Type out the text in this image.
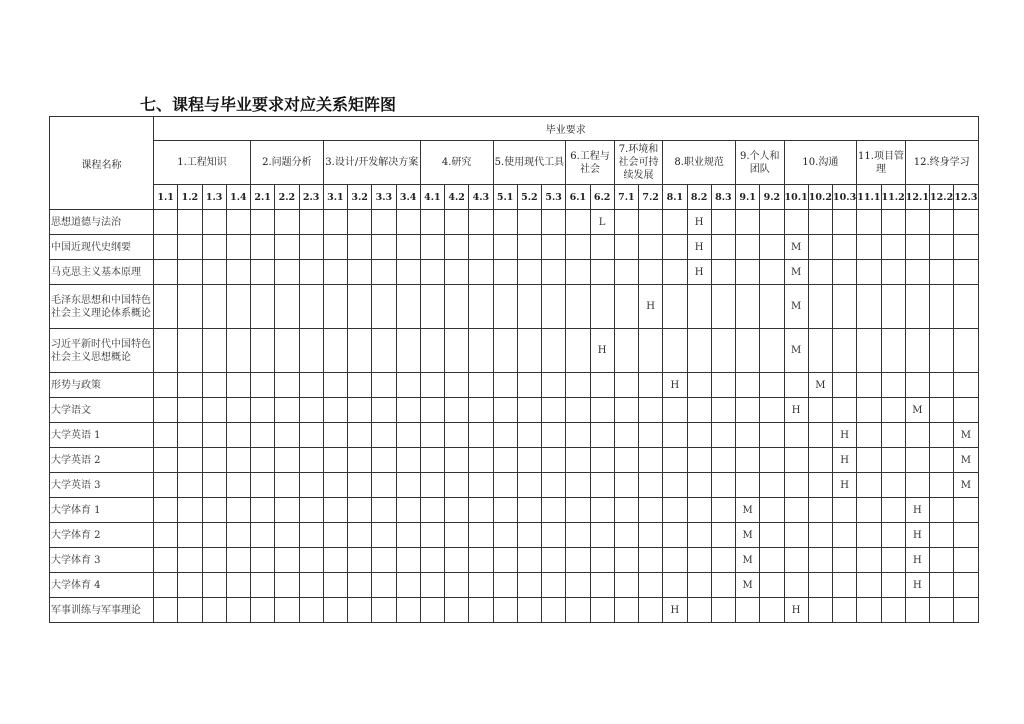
七、课程与毕业要求对应关系矩阵图
课程名称	毕业要求																																	
	1.工程知识				2.问题分析			3.设计/开发解决方案				4.研究			5.使用现代工具			6.工程与社会		7.环境和社会可持续发展		8.职业规范			9.个人和团队		10.沟通			11.项目管理		12.终身学习		
	1.1	1.2	1.3	1.4	2.1	2.2	2.3	3.1	3.2	3.3	3.4	4.1	4.2	4.3	5.1	5.2	5.3	6.1	6.2	7.1	7.2	8.1	8.2	8.3	9.1	9.2	10.1	10.2	10.3	11.1	11.2	12.1	12.2	12.3
思想道德与法治																			L				H											
中国近现代史纲要																							H				M							
马克思主义基本原理																							H				M							
毛泽东思想和中国特色社会主义理论体系概论																					H						M							
习近平新时代中国特色社会主义思想概论																			H								M							
形势与政策																						H						M						
大学语文																											H					M		
大学英语 1																													H					M
大学英语 2																													H					M
大学英语 3																													H					M
大学体育 1																									M							H		
大学体育 2																									M							H		
大学体育 3																									M							H		
大学体育 4																									M							H		
军事训练与军事理论																						H					H							
